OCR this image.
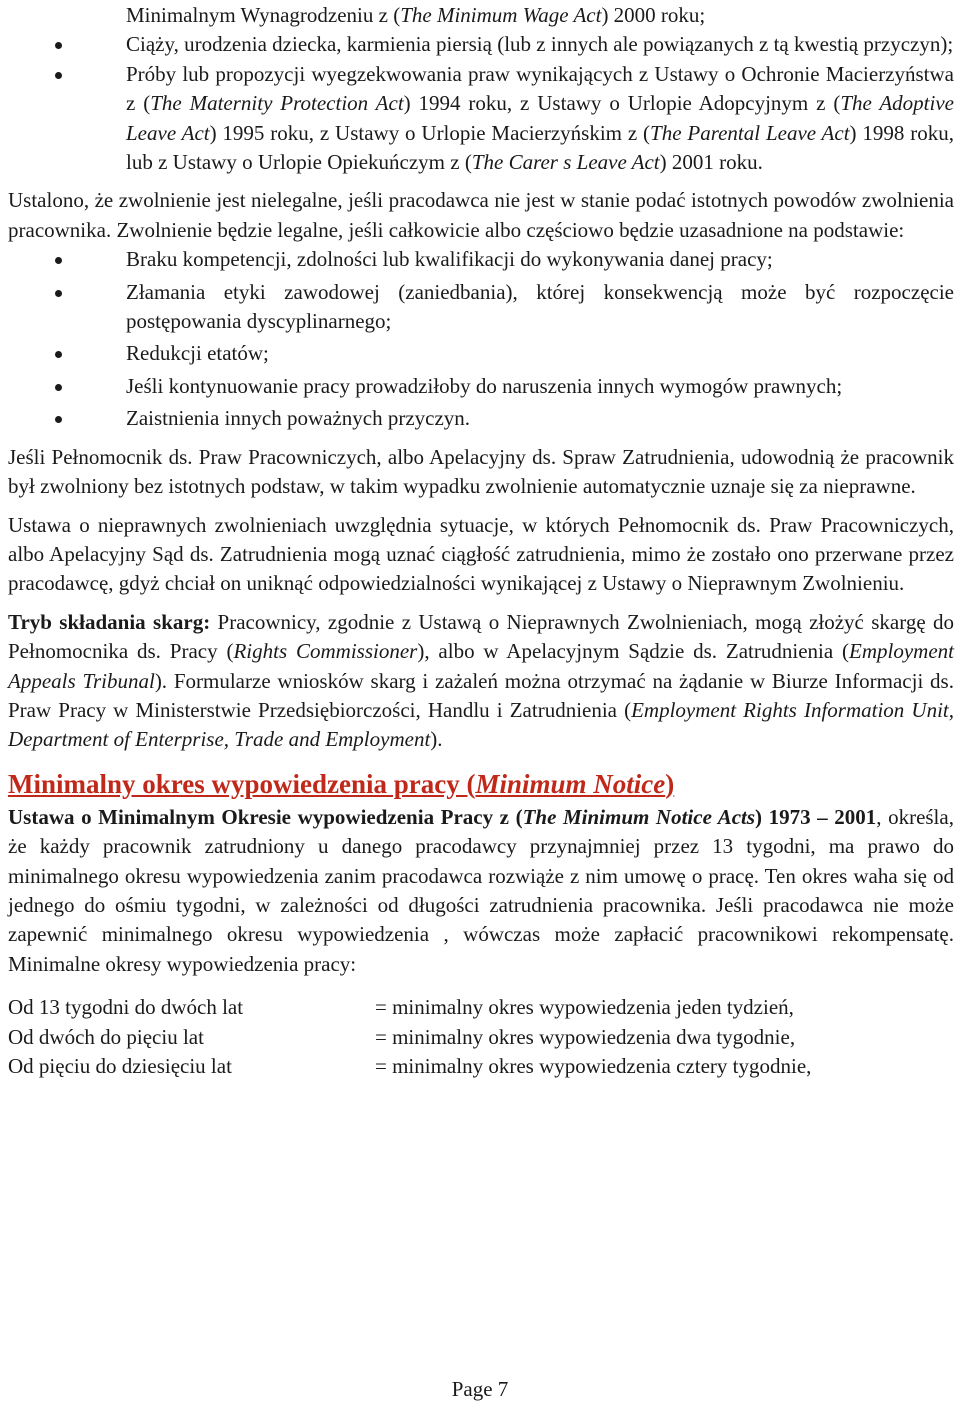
Minimalnym Wynagrodzeniu z (The Minimum Wage Act) 2000 roku;
Ciąży, urodzenia dziecka, karmienia piersią (lub z innych ale powiązanych z tą kwestią przyczyn);
Próby lub propozycji wyegzekwowania praw wynikających z Ustawy o Ochronie Macierzyństwa z (The Maternity Protection Act) 1994 roku, z Ustawy o Urlopie Adopcyjnym z (The Adoptive Leave Act) 1995 roku, z Ustawy o Urlopie Macierzyńskim z (The Parental Leave Act) 1998 roku, lub z Ustawy o Urlopie Opiekuńczym z (The Carer s Leave Act) 2001 roku.

Ustalono, że zwolnienie jest nielegalne, jeśli pracodawca nie jest w stanie podać istotnych powodów zwolnienia pracownika. Zwolnienie będzie legalne, jeśli całkowicie albo częściowo będzie uzasadnione na podstawie:

Braku kompetencji, zdolności lub kwalifikacji do wykonywania danej pracy;
Złamania etyki zawodowej (zaniedbania), której konsekwencją może być rozpoczęcie postępowania dyscyplinarnego;
Redukcji etatów;
Jeśli kontynuowanie pracy prowadziłoby do naruszenia innych wymogów prawnych;
Zaistnienia innych poważnych przyczyn.

Jeśli Pełnomocnik ds. Praw Pracowniczych, albo Apelacyjny ds. Spraw Zatrudnienia, udowodnią że pracownik był zwolniony bez istotnych podstaw, w takim wypadku zwolnienie automatycznie uznaje się za nieprawne.

Ustawa o nieprawnych zwolnieniach uwzględnia sytuacje, w których Pełnomocnik ds. Praw Pracowniczych, albo Apelacyjny Sąd ds. Zatrudnienia mogą uznać ciągłość zatrudnienia, mimo że zostało ono przerwane przez pracodawcę, gdyż chciał on uniknąć odpowiedzialności wynikającej z Ustawy o Nieprawnym Zwolnieniu.

Tryb składania skarg: Pracownicy, zgodnie z Ustawą o Nieprawnych Zwolnieniach, mogą złożyć skargę do Pełnomocnika ds. Pracy (Rights Commissioner), albo w Apelacyjnym Sądzie ds. Zatrudnienia (Employment Appeals Tribunal). Formularze wniosków skarg i zażaleń można otrzymać na żądanie w Biurze Informacji ds. Praw Pracy w Ministerstwie Przedsiębiorczości, Handlu i Zatrudnienia (Employment Rights Information Unit, Department of Enterprise, Trade and Employment).

Minimalny okres wypowiedzenia pracy (Minimum Notice)

Ustawa o Minimalnym Okresie wypowiedzenia Pracy z (The Minimum Notice Acts) 1973 – 2001, określa, że każdy pracownik zatrudniony u danego pracodawcy przynajmniej przez 13 tygodni, ma prawo do minimalnego okresu wypowiedzenia zanim pracodawca rozwiąże z nim umowę o pracę. Ten okres waha się od jednego do ośmiu tygodni, w zależności od długości zatrudnienia pracownika. Jeśli pracodawca nie może zapewnić minimalnego okresu wypowiedzenia , wówczas może zapłacić pracownikowi rekompensatę. Minimalne okresy wypowiedzenia pracy:

Od 13 tygodni do dwóch lat	= minimalny okres wypowiedzenia jeden tydzień,
Od dwóch do pięciu lat	= minimalny okres wypowiedzenia dwa tygodnie,
Od pięciu do dziesięciu lat	= minimalny okres wypowiedzenia cztery tygodnie,
Page 7
